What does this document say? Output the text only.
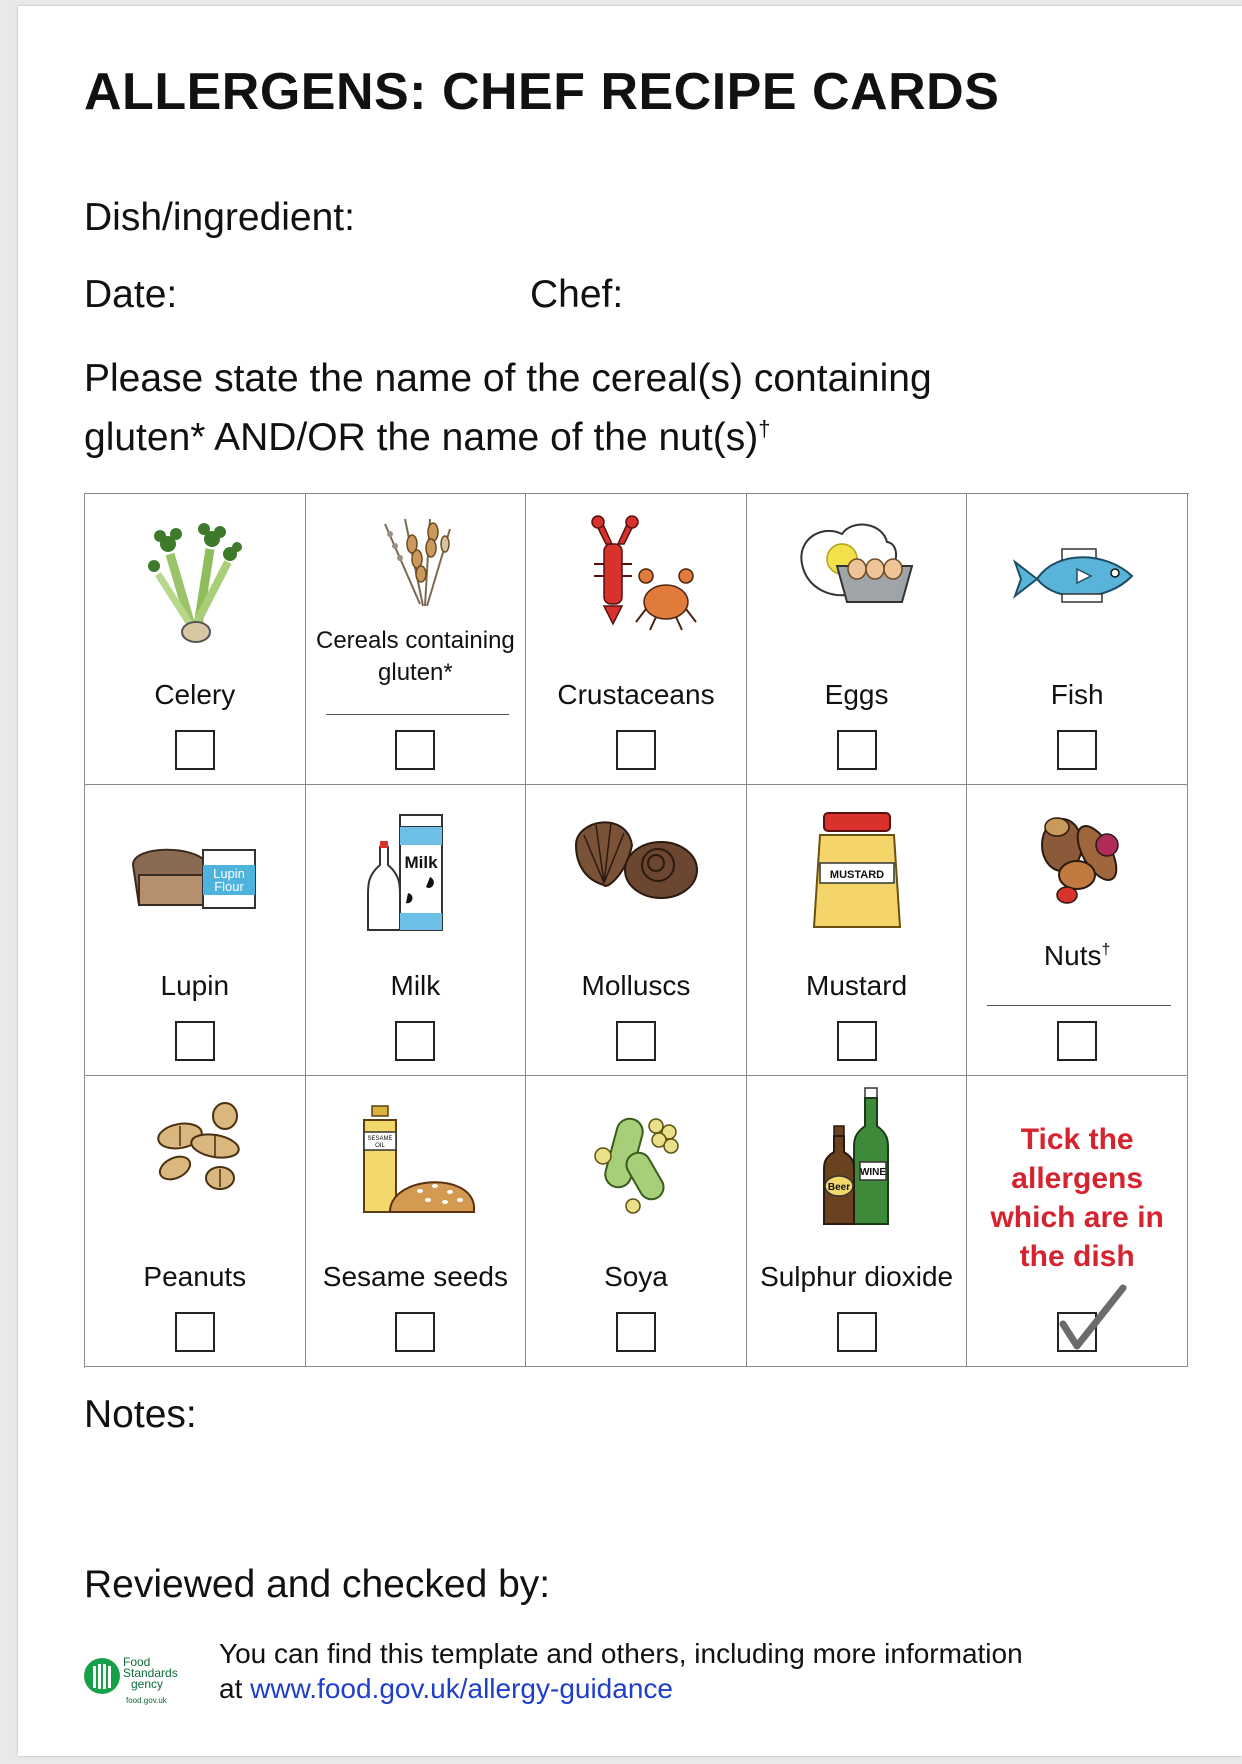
ALLERGENS: CHEF RECIPE CARDS
Dish/ingredient:
Date:	Chef:
Please state the name of the cereal(s) containing
gluten* AND/OR the name of the nut(s)†
Celery
Cereals containing
gluten*
Crustaceans	Eggs	Fish
Lupin
Flour
Lupin
Milk
Milk	Molluscs
MUSTARD
Mustard
Nuts†
Peanuts
SESAME
OIL
Sesame seeds	Soya
WINE
Beer
Sulphur dioxide
Tick the
allergens
which are in
the dish
Notes:
Reviewed and checked by:
Food
Standards
gency
food.gov.uk
You can find this template and others, including more information
at www.food.gov.uk/allergy-guidance
